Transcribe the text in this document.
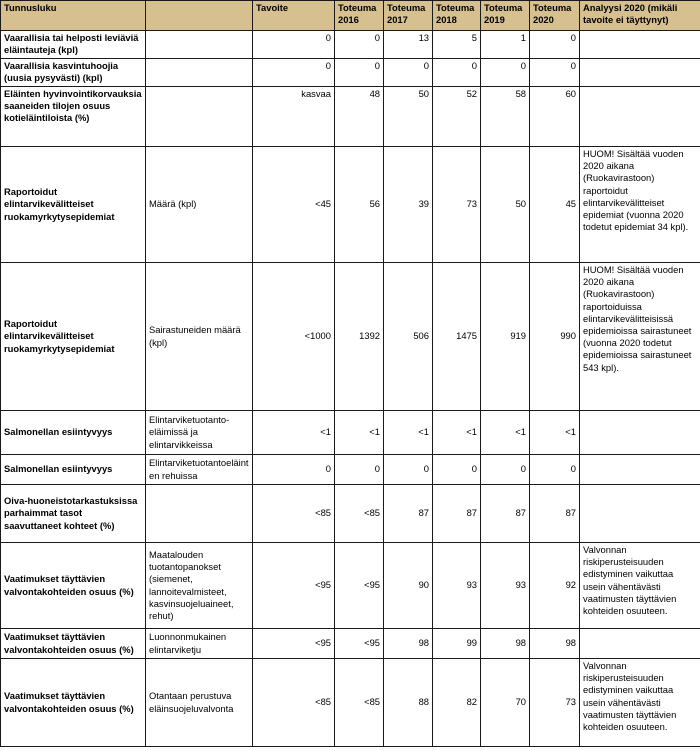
Tunnusluku		Tavoite	Toteuma 2016	Toteuma 2017	Toteuma 2018	Toteuma 2019	Toteuma 2020	Analyysi 2020 (mikäli tavoite ei täyttynyt)
Vaarallisia tai helposti leviäviä eläintauteja (kpl)		0	0	13	5	1	0	
Vaarallisia kasvintuhoojia (uusia pysyvästi) (kpl)		0	0	0	0	0	0	
Eläinten hyvinvointikorvauksia saaneiden tilojen osuus kotieläintiloista (%)		kasvaa	48	50	52	58	60	
Raportoidut elintarvikevälitteiset ruokamyrkytysepidemiat	Määrä (kpl)	<45	56	39	73	50	45	HUOM! Sisältää vuoden 2020 aikana (Ruokavirastoon) raportoidut elintarvikevälitteiset epidemiat (vuonna 2020 todetut epidemiat 34 kpl).
Raportoidut elintarvikevälitteiset ruokamyrkytysepidemiat	Sairastuneiden määrä (kpl)	<1000	1392	506	1475	919	990	HUOM! Sisältää vuoden 2020 aikana (Ruokavirastoon) raportoiduissa elintarvikevälitteisissä epidemioissa sairastuneet (vuonna 2020 todetut epidemioissa sairastuneet 543 kpl).
Salmonellan esiintyvyys	Elintarviketuotanto-eläimissä ja elintarvikkeissa	<1	<1	<1	<1	<1	<1	
Salmonellan esiintyvyys	Elintarviketuotantoeläinten rehuissa	0	0	0	0	0	0	
Oiva-huoneistotarkastuksissa parhaimmat tasot saavuttaneet kohteet (%)		<85	<85	87	87	87	87	
Vaatimukset täyttävien valvontakohteiden osuus (%)	Maatalouden tuotantopanokset (siemenet, lannoitevalmisteet, kasvinsuojeluaineet, rehut)	<95	<95	90	93	93	92	Valvonnan riskiperusteisuuden edistyminen vaikuttaa usein vähentävästi vaatimusten täyttävien kohteiden osuuteen.
Vaatimukset täyttävien valvontakohteiden osuus (%)	Luonnonmukainen elintarviketju	<95	<95	98	99	98	98	
Vaatimukset täyttävien valvontakohteiden osuus (%)	Otantaan perustuva eläinsuojeluvalvonta	<85	<85	88	82	70	73	Valvonnan riskiperusteisuuden edistyminen vaikuttaa usein vähentävästi vaatimusten täyttävien kohteiden osuuteen.
